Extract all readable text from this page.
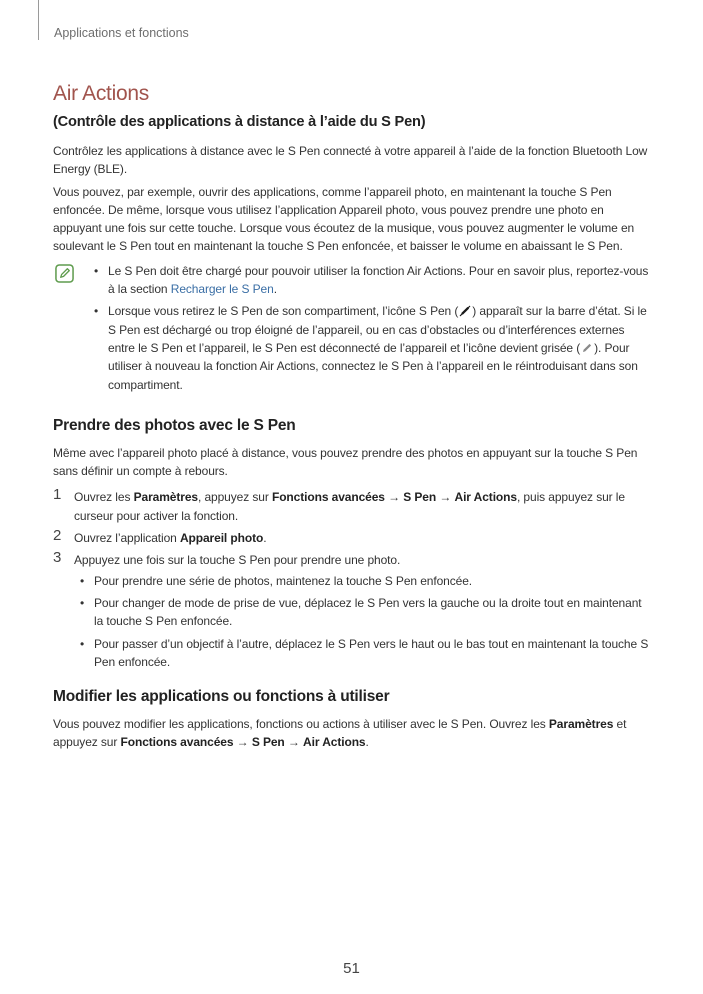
Applications et fonctions
Air Actions
(Contrôle des applications à distance à l’aide du S Pen)

Contrôlez les applications à distance avec le S Pen connecté à votre appareil à l’aide de la fonction Bluetooth Low Energy (BLE).

Vous pouvez, par exemple, ouvrir des applications, comme l’appareil photo, en maintenant la touche S Pen enfoncée. De même, lorsque vous utilisez l’application Appareil photo, vous pouvez prendre une photo en appuyant une fois sur cette touche. Lorsque vous écoutez de la musique, vous pouvez augmenter le volume en soulevant le S Pen tout en maintenant la touche S Pen enfoncée, et baisser le volume en abaissant le S Pen.

• Le S Pen doit être chargé pour pouvoir utiliser la fonction Air Actions. Pour en savoir plus, reportez-vous à la section Recharger le S Pen.
• Lorsque vous retirez le S Pen de son compartiment, l’icône S Pen ( ) apparaît sur la barre d’état. Si le S Pen est déchargé ou trop éloigné de l’appareil, ou en cas d’obstacles ou d’interférences externes entre le S Pen et l’appareil, le S Pen est déconnecté de l’appareil et l’icône devient grisée ( ). Pour utiliser à nouveau la fonction Air Actions, connectez le S Pen à l’appareil en le réintroduisant dans son compartiment.
Prendre des photos avec le S Pen

Même avec l’appareil photo placé à distance, vous pouvez prendre des photos en appuyant sur la touche S Pen sans définir un compte à rebours.

1 Ouvrez les Paramètres, appuyez sur Fonctions avancées → S Pen → Air Actions, puis appuyez sur le curseur pour activer la fonction.
2 Ouvrez l’application Appareil photo.
3 Appuyez une fois sur la touche S Pen pour prendre une photo.
• Pour prendre une série de photos, maintenez la touche S Pen enfoncée.
• Pour changer de mode de prise de vue, déplacez le S Pen vers la gauche ou la droite tout en maintenant la touche S Pen enfoncée.
• Pour passer d’un objectif à l’autre, déplacez le S Pen vers le haut ou le bas tout en maintenant la touche S Pen enfoncée.
Modifier les applications ou fonctions à utiliser

Vous pouvez modifier les applications, fonctions ou actions à utiliser avec le S Pen. Ouvrez les Paramètres et appuyez sur Fonctions avancées → S Pen → Air Actions.

51
